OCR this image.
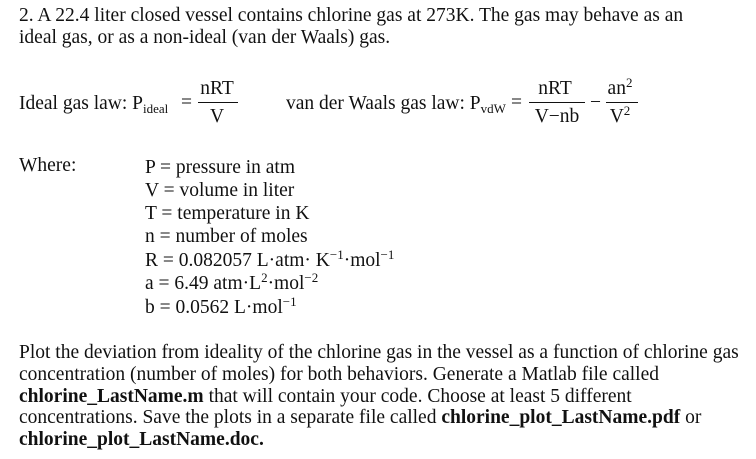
2. A 22.4 liter closed vessel contains chlorine gas at 273K. The gas may behave as an
ideal gas, or as a non-ideal (van der Waals) gas.
Ideal gas law: $P_{ideal}$ =
nRT
V
van der Waals gas law: $P_{vdW}$ =
nRT
V−nb
−
$an^2$
$V^2$
Where:	P = pressure in atm
V = volume in liter
T = temperature in K
n = number of moles
R = 0.082057 $L\cdot atm\cdot K^{-1}\cdot mol^{-1}$
a = 6.49 $atm\cdot L^2\cdot mol^{-2}$
b = 0.0562 L·mol$^{-1}$
Plot the deviation from ideality of the chlorine gas in the vessel as a function of chlorine gas concentration (number of moles) for both behaviors. Generate a Matlab file called chlorine_LastName.m that will contain your code. Choose at least 5 different concentrations. Save the plots in a separate file called chlorine_plot_LastName.pdf or chlorine_plot_LastName.doc.
